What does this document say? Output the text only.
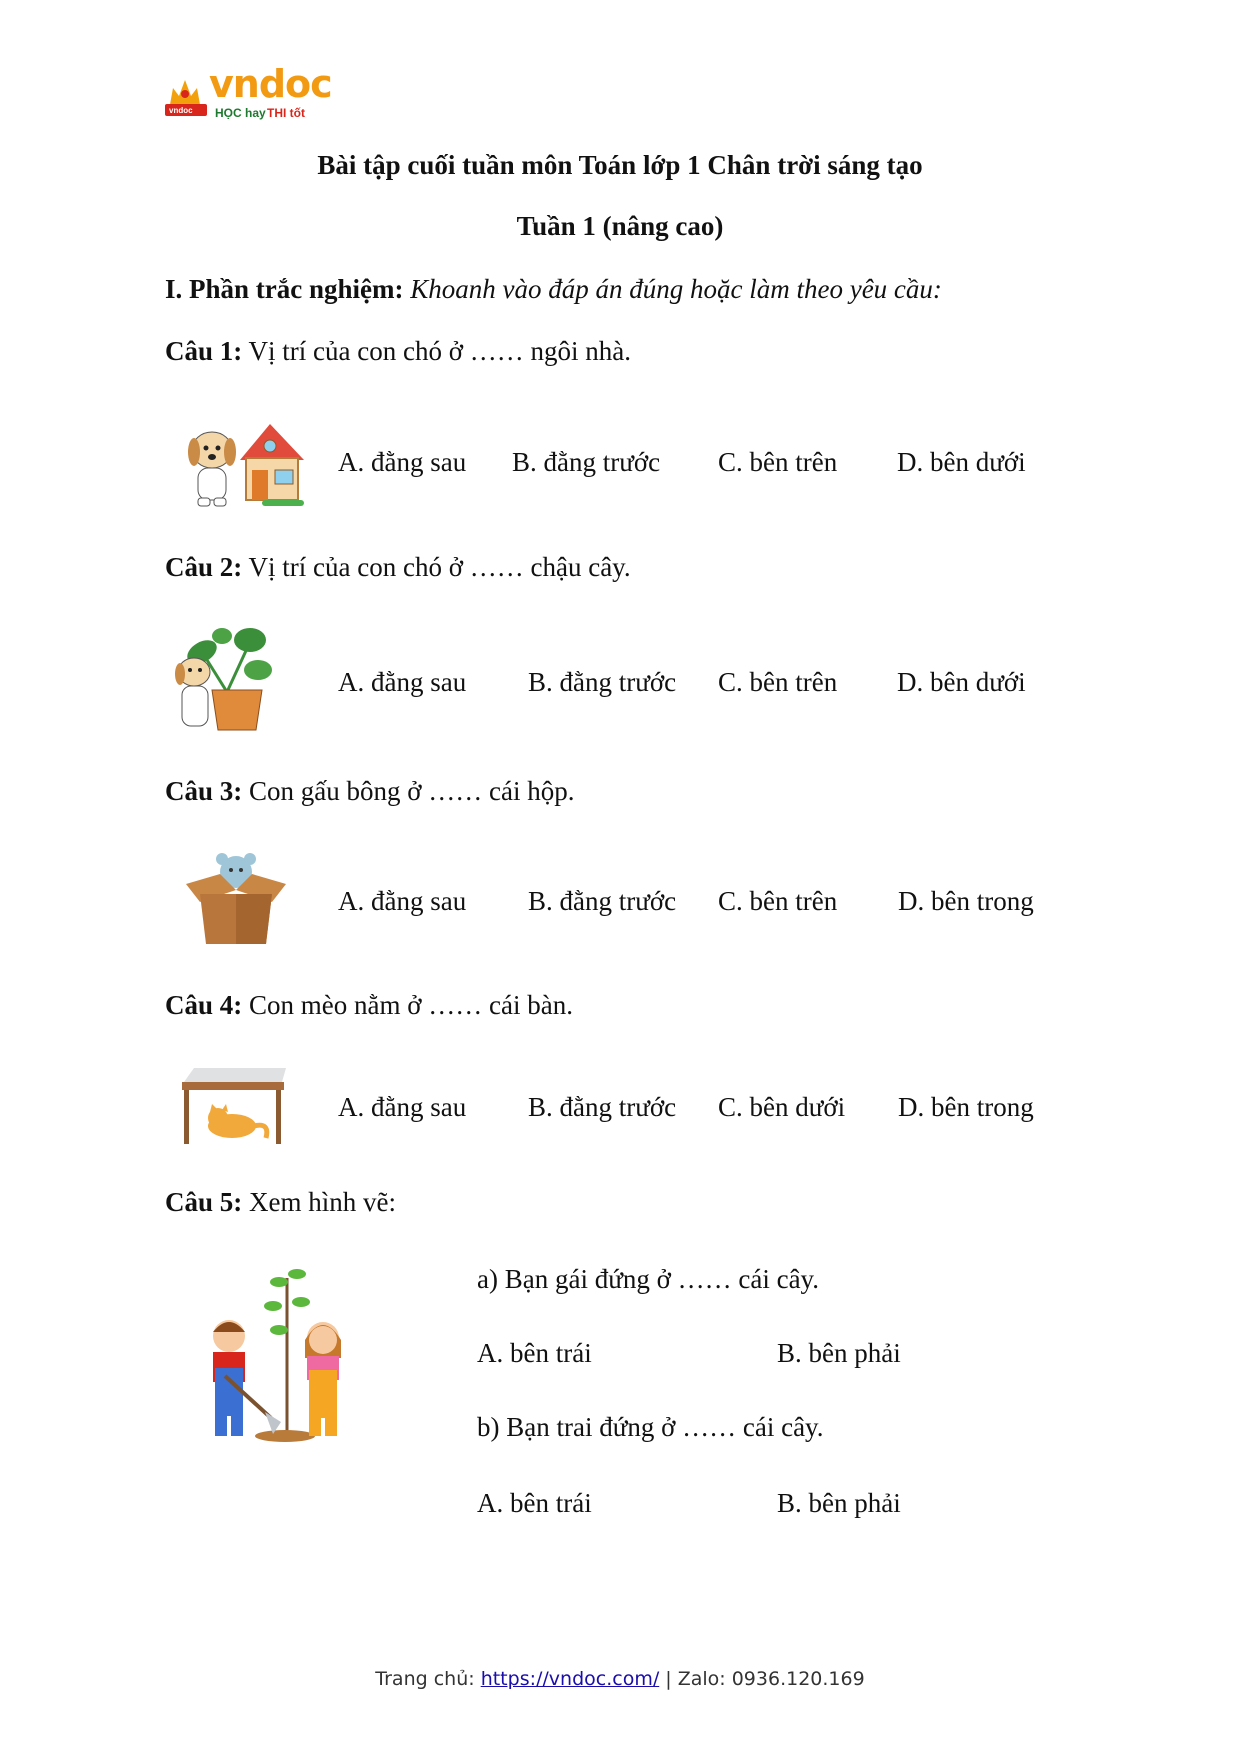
vndoc
HỌC hay THI tốt
vndoc
Bài tập cuối tuần môn Toán lớp 1 Chân trời sáng tạo
Tuần 1 (nâng cao)
I. Phần trắc nghiệm: Khoanh vào đáp án đúng hoặc làm theo yêu cầu:
Câu 1: Vị trí của con chó ở …… ngôi nhà.
A. đằng sau B. đằng trước C. bên trên D. bên dưới
Câu 2: Vị trí của con chó ở …… chậu cây.
A. đằng sau B. đằng trước C. bên trên D. bên dưới
Câu 3: Con gấu bông ở …… cái hộp.
A. đằng sau B. đằng trước C. bên trên D. bên trong
Câu 4: Con mèo nằm ở …… cái bàn.
A. đằng sau B. đằng trước C. bên dưới D. bên trong
Câu 5: Xem hình vẽ:
a) Bạn gái đứng ở …… cái cây.
A. bên trái	B. bên phải
b) Bạn trai đứng ở …… cái cây.
A. bên trái	B. bên phải
Trang chủ: https://vndoc.com/ | Zalo: 0936.120.169
